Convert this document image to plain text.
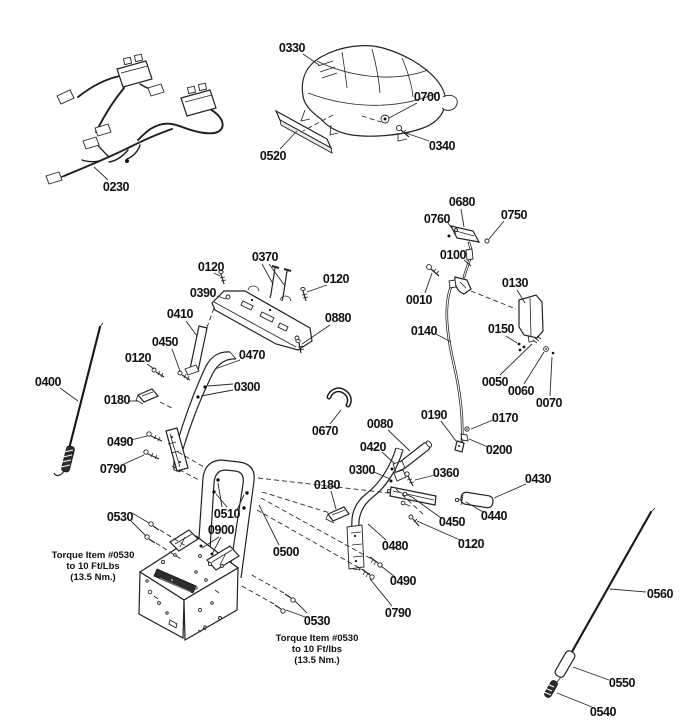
0330
0700
0340
0520
0230
0680
0760	0750
0100
0370
0120
0120
0390	0010
0130
0410	0880
0140	0150
0450
0120	0470
0400	0300	0050
0060
0070
0180
0670 0080
0190	0170
0490	0420	0200
0790	0300	0360
0180	0430
0510
0530	0440
0450
0900
0120
0500	0480
0490
0790
0530
0560
0550
0540
Torque Item #0530
to 10 Ft/Lbs
(13.5 Nm.)
Torque Item #0530
to 10 Ft/lbs
(13.5 Nm.)
